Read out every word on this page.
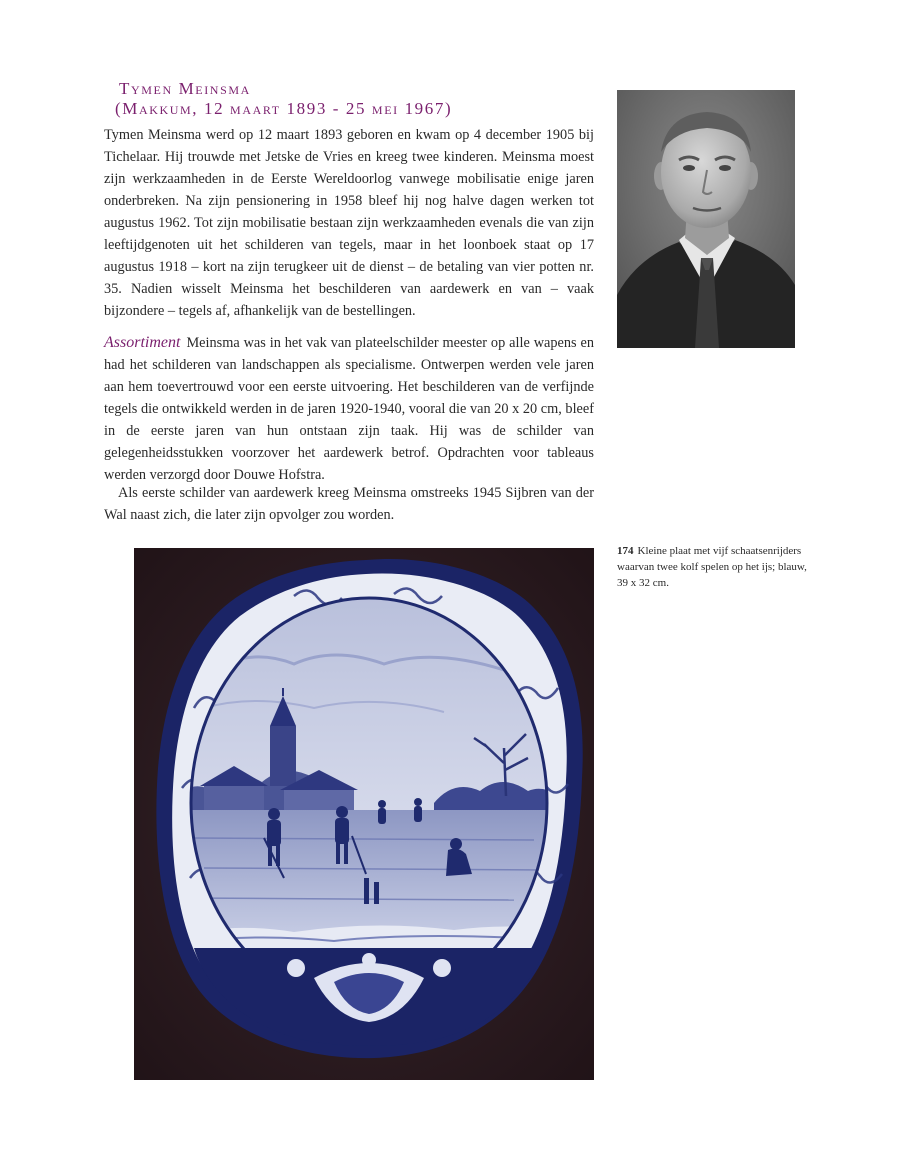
Tymen Meinsma
(Makkum, 12 maart 1893 - 25 mei 1967)

Tymen Meinsma werd op 12 maart 1893 geboren en kwam op 4 december 1905 bij Tichelaar. Hij trouwde met Jetske de Vries en kreeg twee kinderen. Meinsma moest zijn werkzaamheden in de Eerste Wereldoorlog vanwege mobilisatie enige jaren onderbreken. Na zijn pensionering in 1958 bleef hij nog halve dagen werken tot augustus 1962. Tot zijn mobilisatie bestaan zijn werkzaamheden evenals die van zijn leeftijdgenoten uit het schilderen van tegels, maar in het loonboek staat op 17 augustus 1918 – kort na zijn terugkeer uit de dienst – de betaling van vier potten nr. 35. Nadien wisselt Meinsma het beschilderen van aardewerk en van – vaak bijzondere – tegels af, afhankelijk van de bestellingen.

Assortiment Meinsma was in het vak van plateelschilder meester op alle wapens en had het schilderen van landschappen als specialisme. Ontwerpen werden vele jaren aan hem toevertrouwd voor een eerste uitvoering. Het beschilderen van de verfijnde tegels die ontwikkeld werden in de jaren 1920-1940, vooral die van 20 x 20 cm, bleef in de eerste jaren van hun ontstaan zijn taak. Hij was de schilder van gelegenheidsstukken voorzover het aardewerk betrof. Opdrachten voor tableaus werden verzorgd door Douwe Hofstra.

Als eerste schilder van aardewerk kreeg Meinsma omstreeks 1945 Sijbren van der Wal naast zich, die later zijn opvolger zou worden.

174 Kleine plaat met vijf schaatsenrijders waarvan twee kolf spelen op het ijs; blauw, 39 x 32 cm.
